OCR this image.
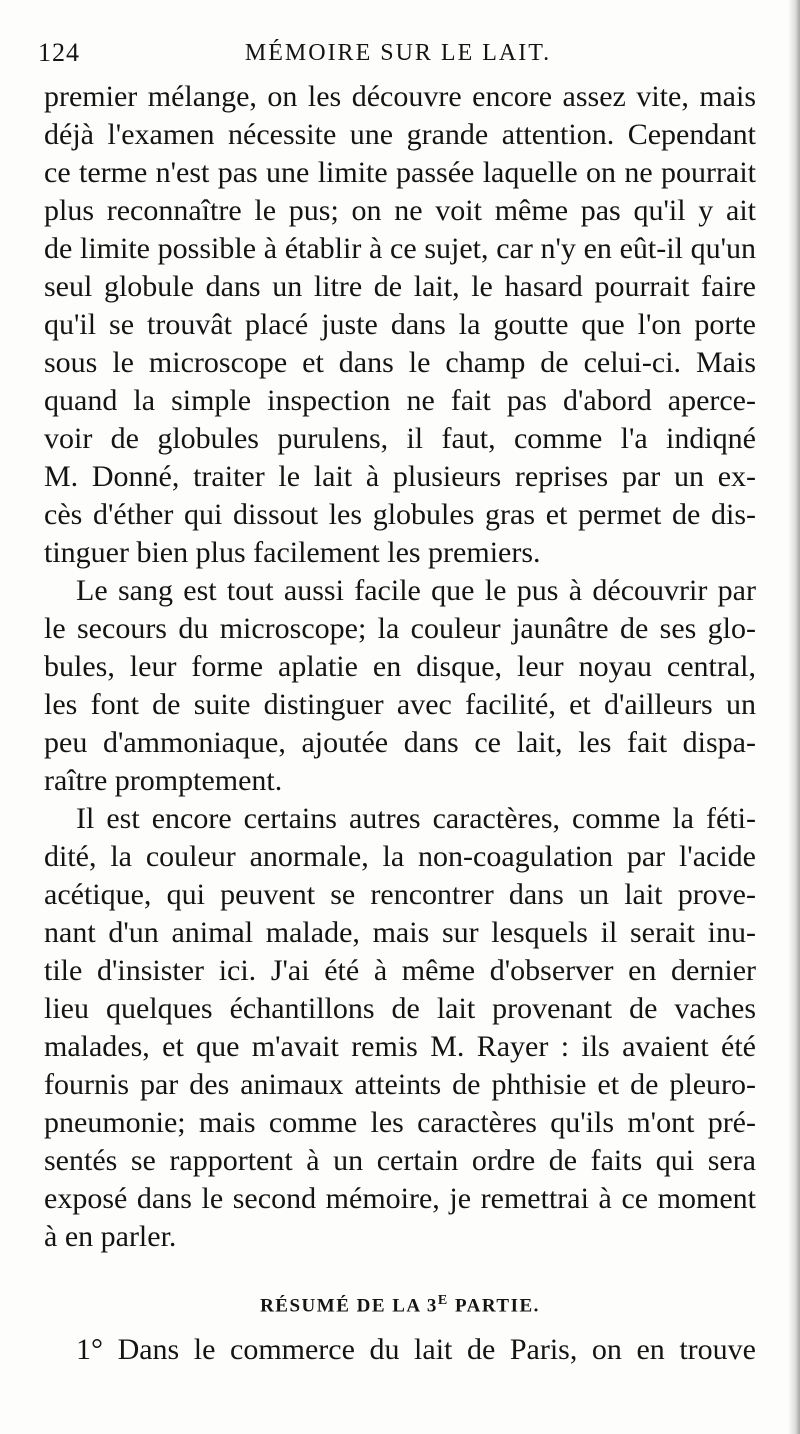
124	MÉMOIRE SUR LE LAIT.
premier mélange, on les découvre encore assez vite, mais
déjà l'examen nécessite une grande attention. Cependant
ce terme n'est pas une limite passée laquelle on ne pourrait
plus reconnaître le pus; on ne voit même pas qu'il y ait
de limite possible à établir à ce sujet, car n'y en eût-il qu'un
seul globule dans un litre de lait, le hasard pourrait faire
qu'il se trouvât placé juste dans la goutte que l'on porte
sous le microscope et dans le champ de celui-ci. Mais
quand la simple inspection ne fait pas d'abord aperce-
voir de globules purulens, il faut, comme l'a indiqné
M. Donné, traiter le lait à plusieurs reprises par un ex-
cès d'éther qui dissout les globules gras et permet de dis-
tinguer bien plus facilement les premiers.
Le sang est tout aussi facile que le pus à découvrir par
le secours du microscope; la couleur jaunâtre de ses glo-
bules, leur forme aplatie en disque, leur noyau central,
les font de suite distinguer avec facilité, et d'ailleurs un
peu d'ammoniaque, ajoutée dans ce lait, les fait dispa-
raître promptement.
Il est encore certains autres caractères, comme la féti-
dité, la couleur anormale, la non-coagulation par l'acide
acétique, qui peuvent se rencontrer dans un lait prove-
nant d'un animal malade, mais sur lesquels il serait inu-
tile d'insister ici. J'ai été à même d'observer en dernier
lieu quelques échantillons de lait provenant de vaches
malades, et que m'avait remis M. Rayer : ils avaient été
fournis par des animaux atteints de phthisie et de pleuro-
pneumonie; mais comme les caractères qu'ils m'ont pré-
sentés se rapportent à un certain ordre de faits qui sera
exposé dans le second mémoire, je remettrai à ce moment
à en parler.
RÉSUMÉ DE LA $3^E$ PARTIE.
1° Dans le commerce du lait de Paris, on en trouve
